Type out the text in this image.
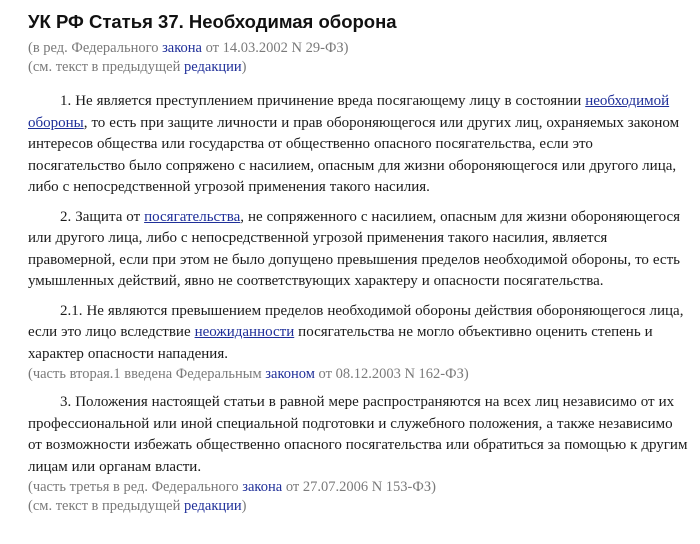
УК РФ Статья 37. Необходимая оборона

(в ред. Федерального закона от 14.03.2002 N 29-ФЗ)

(см. текст в предыдущей редакции)

1. Не является преступлением причинение вреда посягающему лицу в состоянии необходимой обороны, то есть при защите личности и прав обороняющегося или других лиц, охраняемых законом интересов общества или государства от общественно опасного посягательства, если это посягательство было сопряжено с насилием, опасным для жизни обороняющегося или другого лица, либо с непосредственной угрозой применения такого насилия.

2. Защита от посягательства, не сопряженного с насилием, опасным для жизни обороняющегося или другого лица, либо с непосредственной угрозой применения такого насилия, является правомерной, если при этом не было допущено превышения пределов необходимой обороны, то есть умышленных действий, явно не соответствующих характеру и опасности посягательства.

2.1. Не являются превышением пределов необходимой обороны действия обороняющегося лица, если это лицо вследствие неожиданности посягательства не могло объективно оценить степень и характер опасности нападения.

(часть вторая.1 введена Федеральным законом от 08.12.2003 N 162-ФЗ)

3. Положения настоящей статьи в равной мере распространяются на всех лиц независимо от их профессиональной или иной специальной подготовки и служебного положения, а также независимо от возможности избежать общественно опасного посягательства или обратиться за помощью к другим лицам или органам власти.

(часть третья в ред. Федерального закона от 27.07.2006 N 153-ФЗ)

(см. текст в предыдущей редакции)
